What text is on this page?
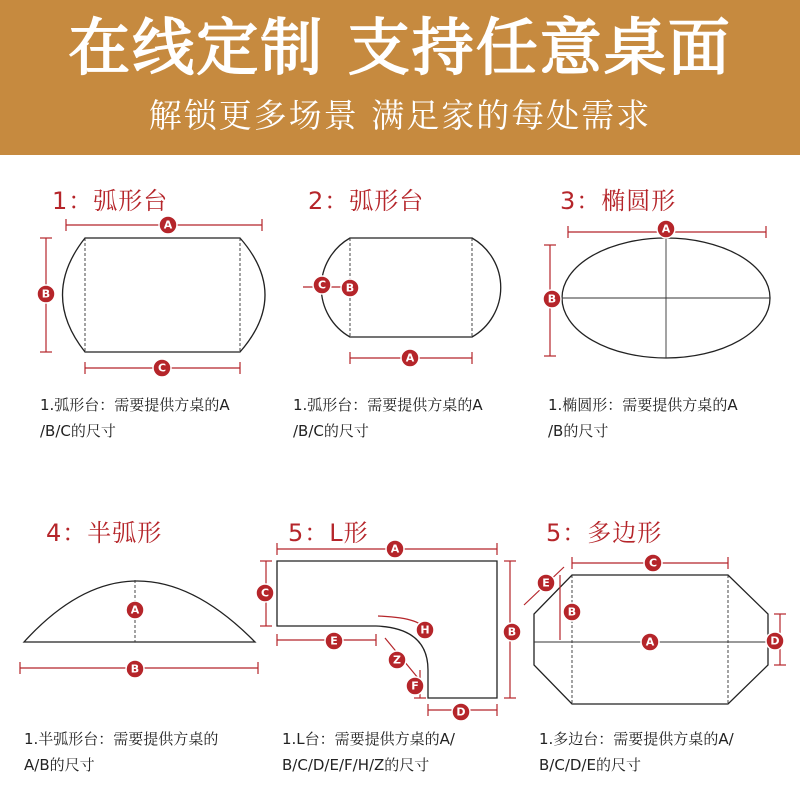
在线定制 支持任意桌面
解锁更多场景 满足家的每处需求
1：弧形台	2：弧形台	3：椭圆形
4：半弧形	5：L形	5：多边形
A
B
C
A
B
C
A
B
A
B
A
B
C
D
E
F
H
Z
A
B
C
D
E
1.弧形台：需要提供方桌的A
/B/C的尺寸
1.弧形台：需要提供方桌的A
/B/C的尺寸
1.椭圆形：需要提供方桌的A
/B的尺寸
1.半弧形台：需要提供方桌的
A/B的尺寸
1.L台：需要提供方桌的A/
B/C/D/E/F/H/Z的尺寸
1.多边台：需要提供方桌的A/
B/C/D/E的尺寸
